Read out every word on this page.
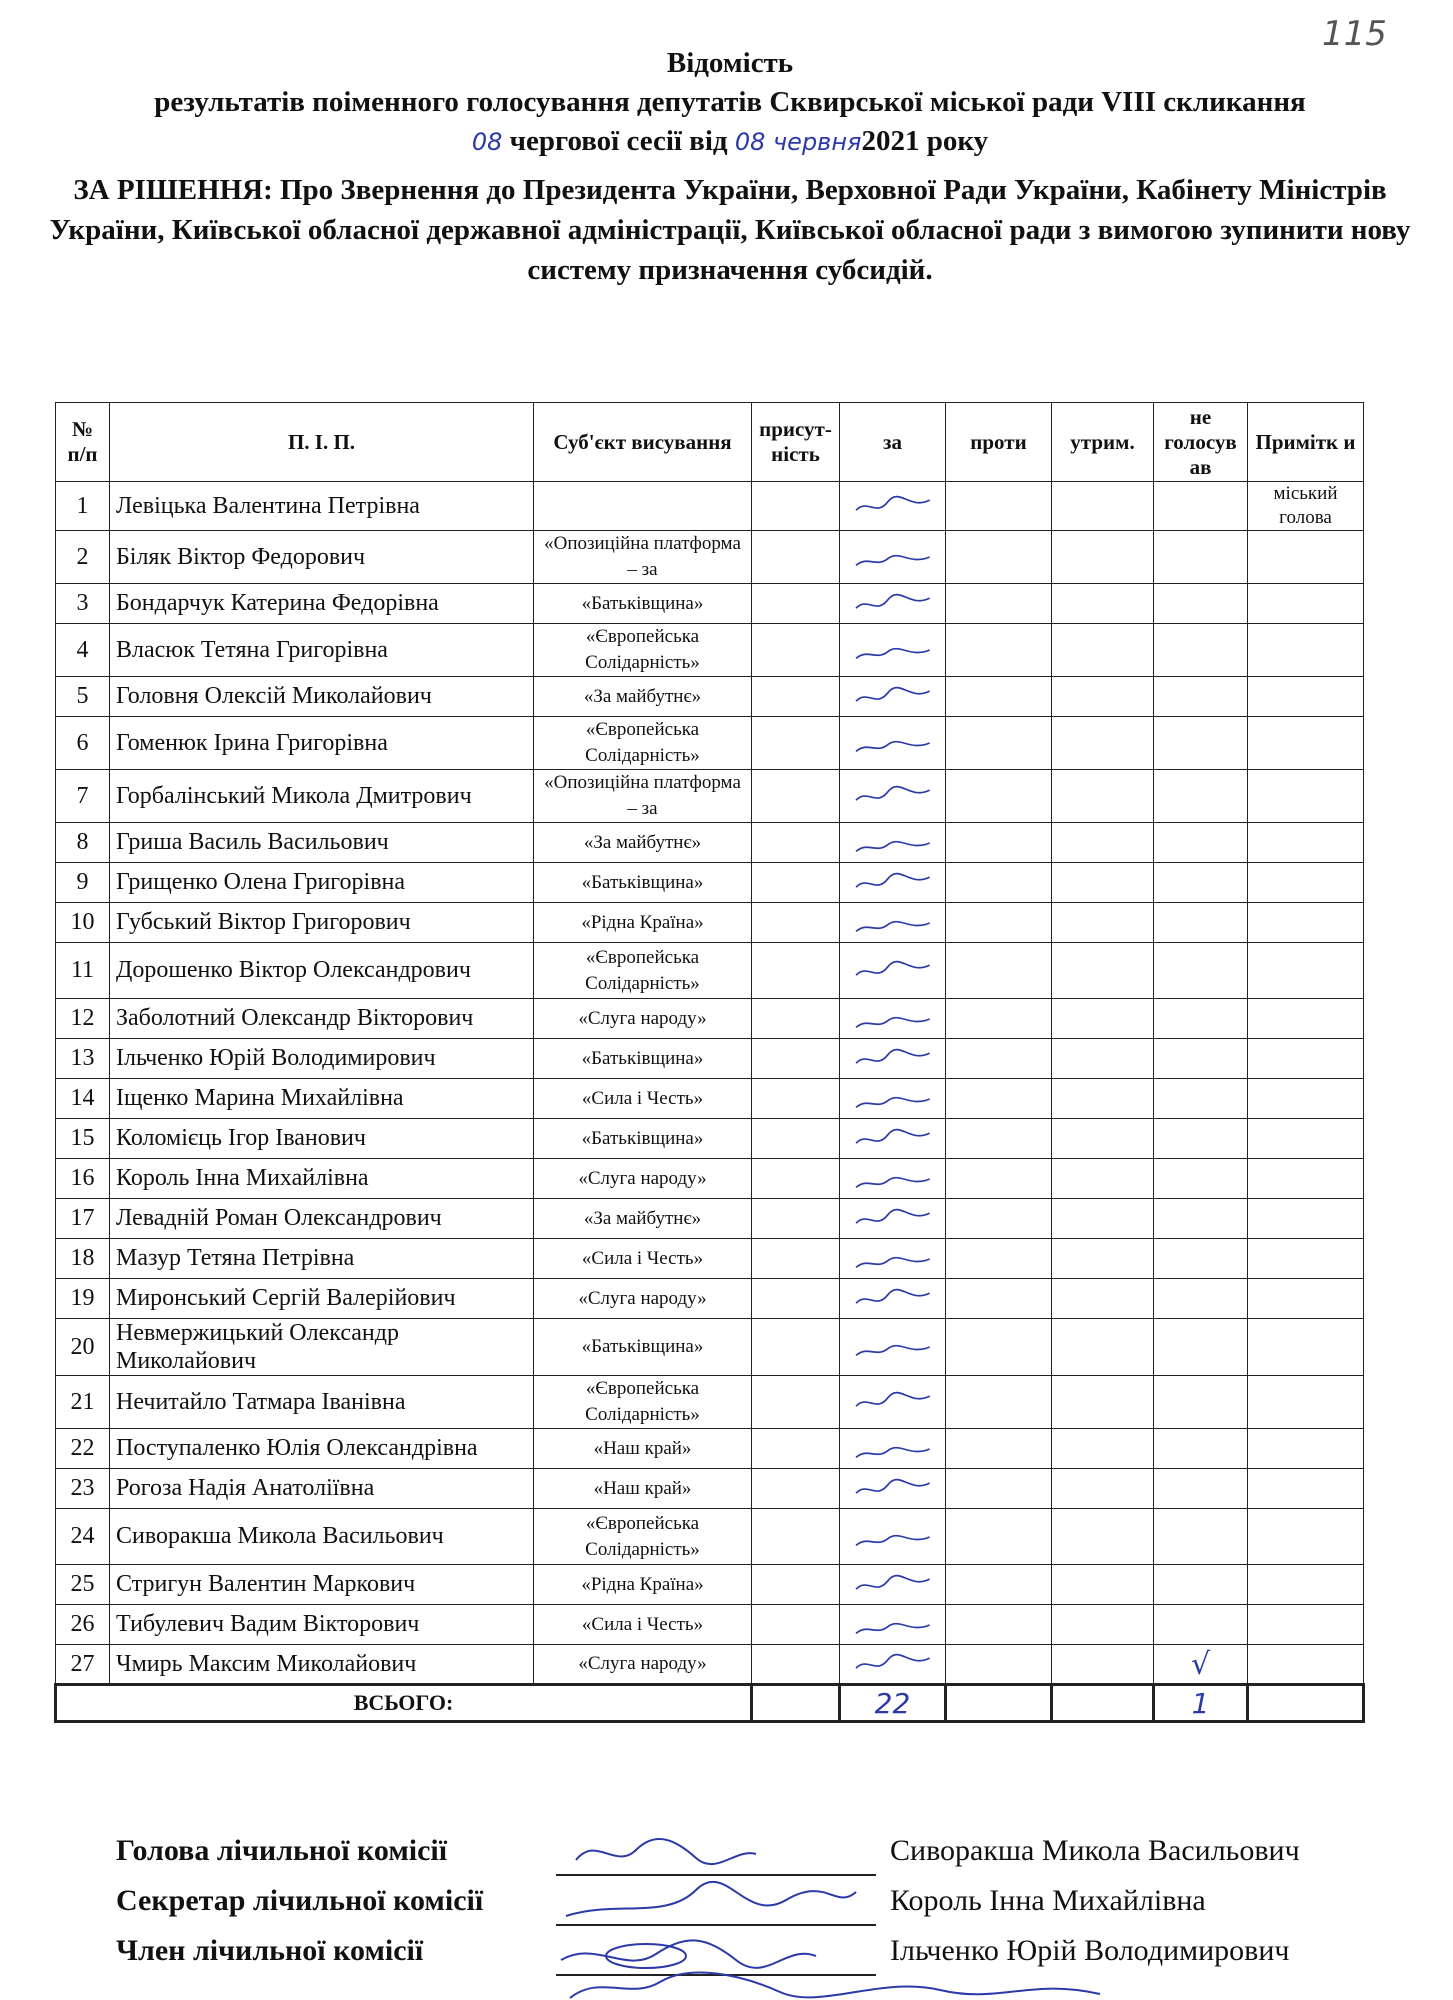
115
Відомість
результатів поіменного голосування депутатів Сквирської міської ради VIII скликання
08 чергової сесії від 08 червня2021 року
ЗА РІШЕННЯ: Про Звернення до Президента України, Верховної Ради України, Кабінету Міністрів України, Київської обласної державної адміністрації, Київської обласної ради з вимогою зупинити нову систему призначення субсидій.
№ п/п	П. І. П.	Суб'єкт висування	присут-ність	за	проти	утрим.	не голосув ав	Примітк и
1	Левіцька Валентина Петрівна							міський голова
2	Біляк Віктор Федорович	«Опозиційна платформа – за		

3	Бондарчук Катерина Федорівна	«Батьківщина»		

4	Власюк Тетяна Григорівна	«Європейська Солідарність»		

5	Головня Олексій Миколайович	«За майбутнє»		

6	Гоменюк Ірина Григорівна	«Європейська Солідарність»		

7	Горбалінський Микола Дмитрович	«Опозиційна платформа – за		

8	Гриша Василь Васильович	«За майбутнє»		

9	Грищенко Олена Григорівна	«Батьківщина»		

10	Губський Віктор Григорович	«Рідна Країна»		

11	Дорошенко Віктор Олександрович	«Європейська Солідарність»		

12	Заболотний Олександр Вікторович	«Слуга народу»		

13	Ільченко Юрій Володимирович	«Батьківщина»		

14	Іщенко Марина Михайлівна	«Сила і Честь»		

15	Коломієць Ігор Іванович	«Батьківщина»		

16	Король Інна Михайлівна	«Слуга народу»		

17	Левадній Роман Олександрович	«За майбутнє»		

18	Мазур Тетяна Петрівна	«Сила і Честь»		

19	Миронський Сергій Валерійович	«Слуга народу»		

20	Невмержицький Олександр Миколайович	«Батьківщина»		

21	Нечитайло Татмара Іванівна	«Європейська Солідарність»		

22	Поступаленко Юлія Олександрівна	«Наш край»		

23	Рогоза Надія Анатоліївна	«Наш край»		

24	Сиворакша Микола Васильович	«Європейська Солідарність»		

25	Стригун Валентин Маркович	«Рідна Країна»		

26	Тибулевич Вадим Вікторович	«Сила і Честь»		

27	Чмирь Максим Миколайович	«Слуга народу»					√	
ВСЬОГО:				22			1	
Голова лічильної комісії	Сиворакша Микола Васильович
Секретар лічильної комісії	Король Інна Михайлівна
Член лічильної комісії	Ільченко Юрій Володимирович
